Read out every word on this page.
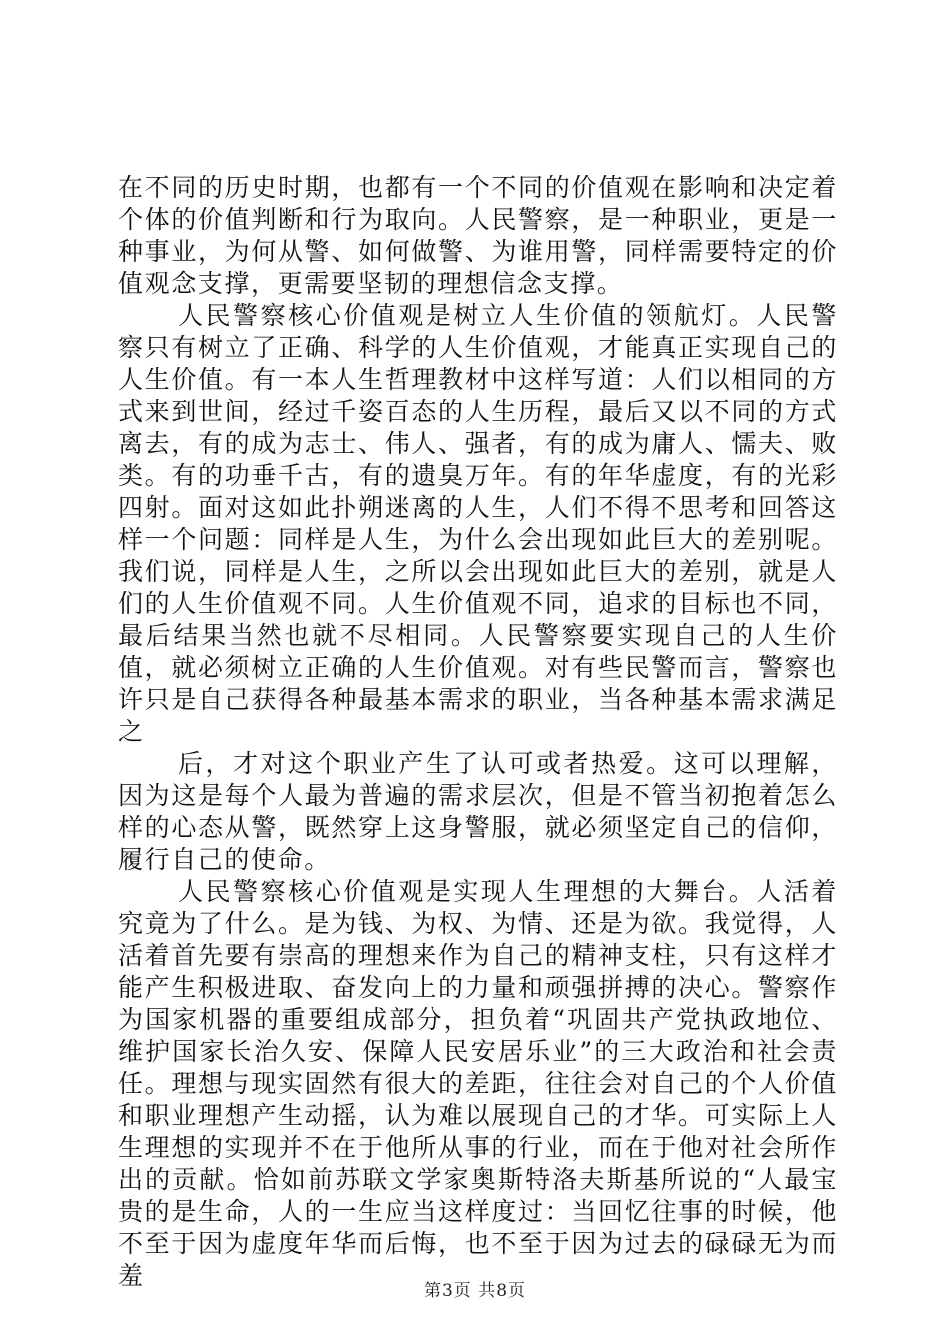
在不同的历史时期，也都有一个不同的价值观在影响和决定着个体的价值判断和行为取向。人民警察，是一种职业，更是一种事业，为何从警、如何做警、为谁用警，同样需要特定的价值观念支撑，更需要坚韧的理想信念支撑。

人民警察核心价值观是树立人生价值的领航灯。人民警察只有树立了正确、科学的人生价值观，才能真正实现自己的人生价值。有一本人生哲理教材中这样写道：人们以相同的方式来到世间，经过千姿百态的人生历程，最后又以不同的方式离去，有的成为志士、伟人、强者，有的成为庸人、懦夫、败类。有的功垂千古，有的遗臭万年。有的年华虚度，有的光彩四射。面对这如此扑朔迷离的人生，人们不得不思考和回答这样一个问题：同样是人生，为什么会出现如此巨大的差别呢。我们说，同样是人生，之所以会出现如此巨大的差别，就是人们的人生价值观不同。人生价值观不同，追求的目标也不同，最后结果当然也就不尽相同。人民警察要实现自己的人生价值，就必须树立正确的人生价值观。对有些民警而言，警察也许只是自己获得各种最基本需求的职业，当各种基本需求满足之

后，才对这个职业产生了认可或者热爱。这可以理解，因为这是每个人最为普遍的需求层次，但是不管当初抱着怎么样的心态从警，既然穿上这身警服，就必须坚定自己的信仰，履行自己的使命。

人民警察核心价值观是实现人生理想的大舞台。人活着究竟为了什么。是为钱、为权、为情、还是为欲。我觉得，人活着首先要有崇高的理想来作为自己的精神支柱，只有这样才能产生积极进取、奋发向上的力量和顽强拼搏的决心。警察作为国家机器的重要组成部分，担负着“巩固共产党执政地位、维护国家长治久安、保障人民安居乐业”的三大政治和社会责任。理想与现实固然有很大的差距，往往会对自己的个人价值和职业理想产生动摇，认为难以展现自己的才华。可实际上人生理想的实现并不在于他所从事的行业，而在于他对社会所作出的贡献。恰如前苏联文学家奥斯特洛夫斯基所说的“人最宝贵的是生命，人的一生应当这样度过：当回忆往事的时候，他不至于因为虚度年华而后悔，也不至于因为过去的碌碌无为而羞

第3页 共8页
